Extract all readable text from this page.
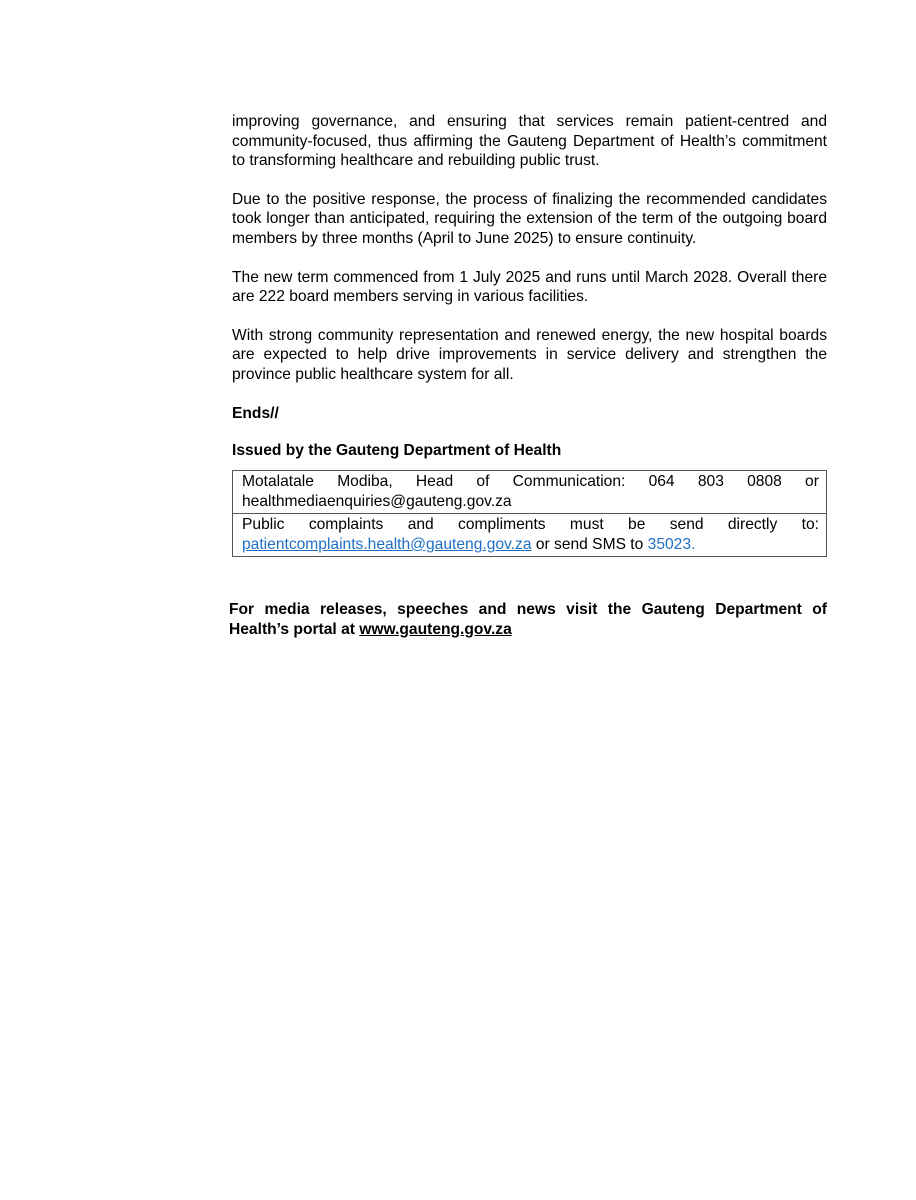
improving governance, and ensuring that services remain patient-centred and community-focused, thus affirming the Gauteng Department of Health’s commitment to transforming healthcare and rebuilding public trust.

Due to the positive response, the process of finalizing the recommended candidates took longer than anticipated, requiring the extension of the term of the outgoing board members by three months (April to June 2025) to ensure continuity.

The new term commenced from 1 July 2025 and runs until March 2028. Overall there are 222 board members serving in various facilities.

With strong community representation and renewed energy, the new hospital boards are expected to help drive improvements in service delivery and strengthen the province public healthcare system for all.

Ends//

Issued by the Gauteng Department of Health

Motalatale Modiba, Head of Communication: 064 803 0808 or
healthmediaenquiries@gauteng.gov.za

Public complaints and compliments must be send directly to:
patientcomplaints.health@gauteng.gov.za or send SMS to 35023.
For media releases, speeches and news visit the Gauteng Department of Health’s portal at www.gauteng.gov.za
